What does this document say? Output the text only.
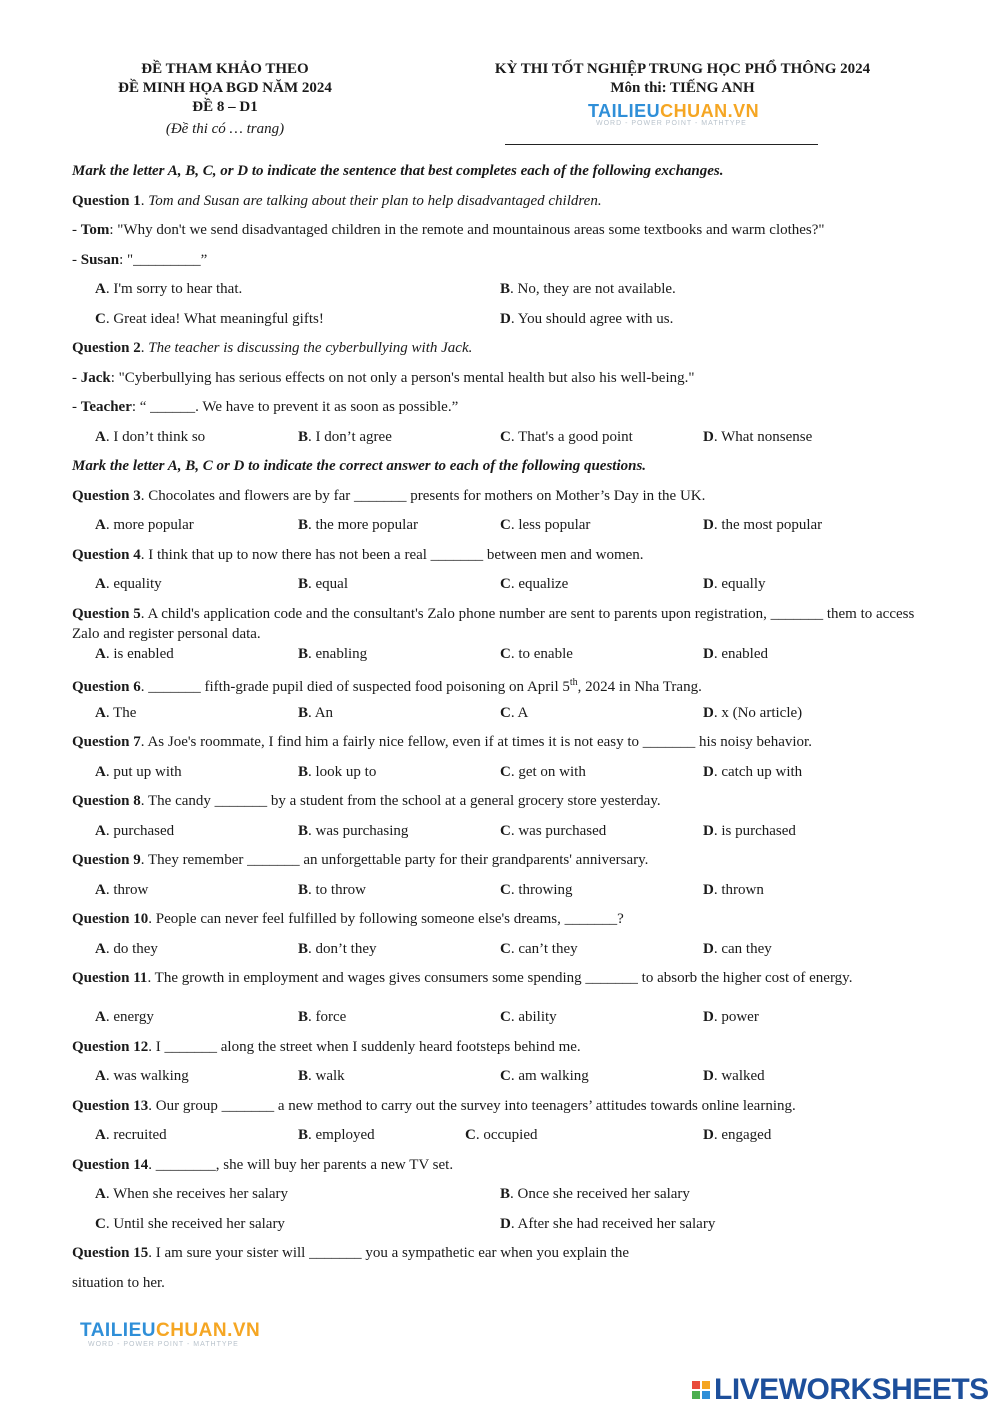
ĐỀ THAM KHẢO THEO
ĐỀ MINH HỌA BGD NĂM 2024
ĐỀ 8 – D1
(Đề thi có … trang)
KỲ THI TỐT NGHIỆP TRUNG HỌC PHỔ THÔNG 2024
Môn thi: TIẾNG ANH
TAILIEUCHUAN.VN
WORD - POWER POINT - MATHTYPE
Mark the letter A, B, C, or D to indicate the sentence that best completes each of the following exchanges.
Question 1. Tom and Susan are talking about their plan to help disadvantaged children.
- Tom: "Why don't we send disadvantaged children in the remote and mountainous areas some textbooks and warm clothes?"
- Susan: "_________”
A. I'm sorry to hear that.	B. No, they are not available.
C. Great idea! What meaningful gifts!	D. You should agree with us.
Question 2. The teacher is discussing the cyberbullying with Jack.
- Jack: "Cyberbullying has serious effects on not only a person's mental health but also his well-being."
- Teacher: “ ______. We have to prevent it as soon as possible.”
A. I don’t think so	B. I don’t agree	C. That's a good point	D. What nonsense
Mark the letter A, B, C or D to indicate the correct answer to each of the following questions.
Question 3. Chocolates and flowers are by far _______ presents for mothers on Mother’s Day in the UK.
A. more popular	B. the more popular	C. less popular	D. the most popular
Question 4. I think that up to now there has not been a real _______ between men and women.
A. equality	B. equal	C. equalize	D. equally
Question 5. A child's application code and the consultant's Zalo phone number are sent to parents upon registration, _______ them to access Zalo and register personal data.
A. is enabled	B. enabling	C. to enable	D. enabled
Question 6. _______ fifth-grade pupil died of suspected food poisoning on April 5th, 2024 in Nha Trang.
A. The	B. An	C. A	D. x (No article)
Question 7. As Joe's roommate, I find him a fairly nice fellow, even if at times it is not easy to _______ his noisy behavior.
A. put up with	B. look up to	C. get on with	D. catch up with
Question 8. The candy _______ by a student from the school at a general grocery store yesterday.
A. purchased	B. was purchasing	C. was purchased	D. is purchased
Question 9. They remember _______ an unforgettable party for their grandparents' anniversary.
A. throw	B. to throw	C. throwing	D. thrown
Question 10. People can never feel fulfilled by following someone else's dreams, _______?
A. do they	B. don’t they	C. can’t they	D. can they
Question 11. The growth in employment and wages gives consumers some spending _______ to absorb the higher cost of energy.
A. energy	B. force	C. ability	D. power
Question 12. I _______ along the street when I suddenly heard footsteps behind me.
A. was walking	B. walk	C. am walking	D. walked
Question 13. Our group _______ a new method to carry out the survey into teenagers’ attitudes towards online learning.
A. recruited	B. employed	C. occupied	D. engaged
Question 14. ________, she will buy her parents a new TV set.
A. When she receives her salary	B. Once she received her salary
C. Until she received her salary	D. After she had received her salary
Question 15. I am sure your sister will _______ you a sympathetic ear when you explain the
situation to her.
TAILIEUCHUAN.VN
WORD - POWER POINT - MATHTYPE
LIVEWORKSHEETS
